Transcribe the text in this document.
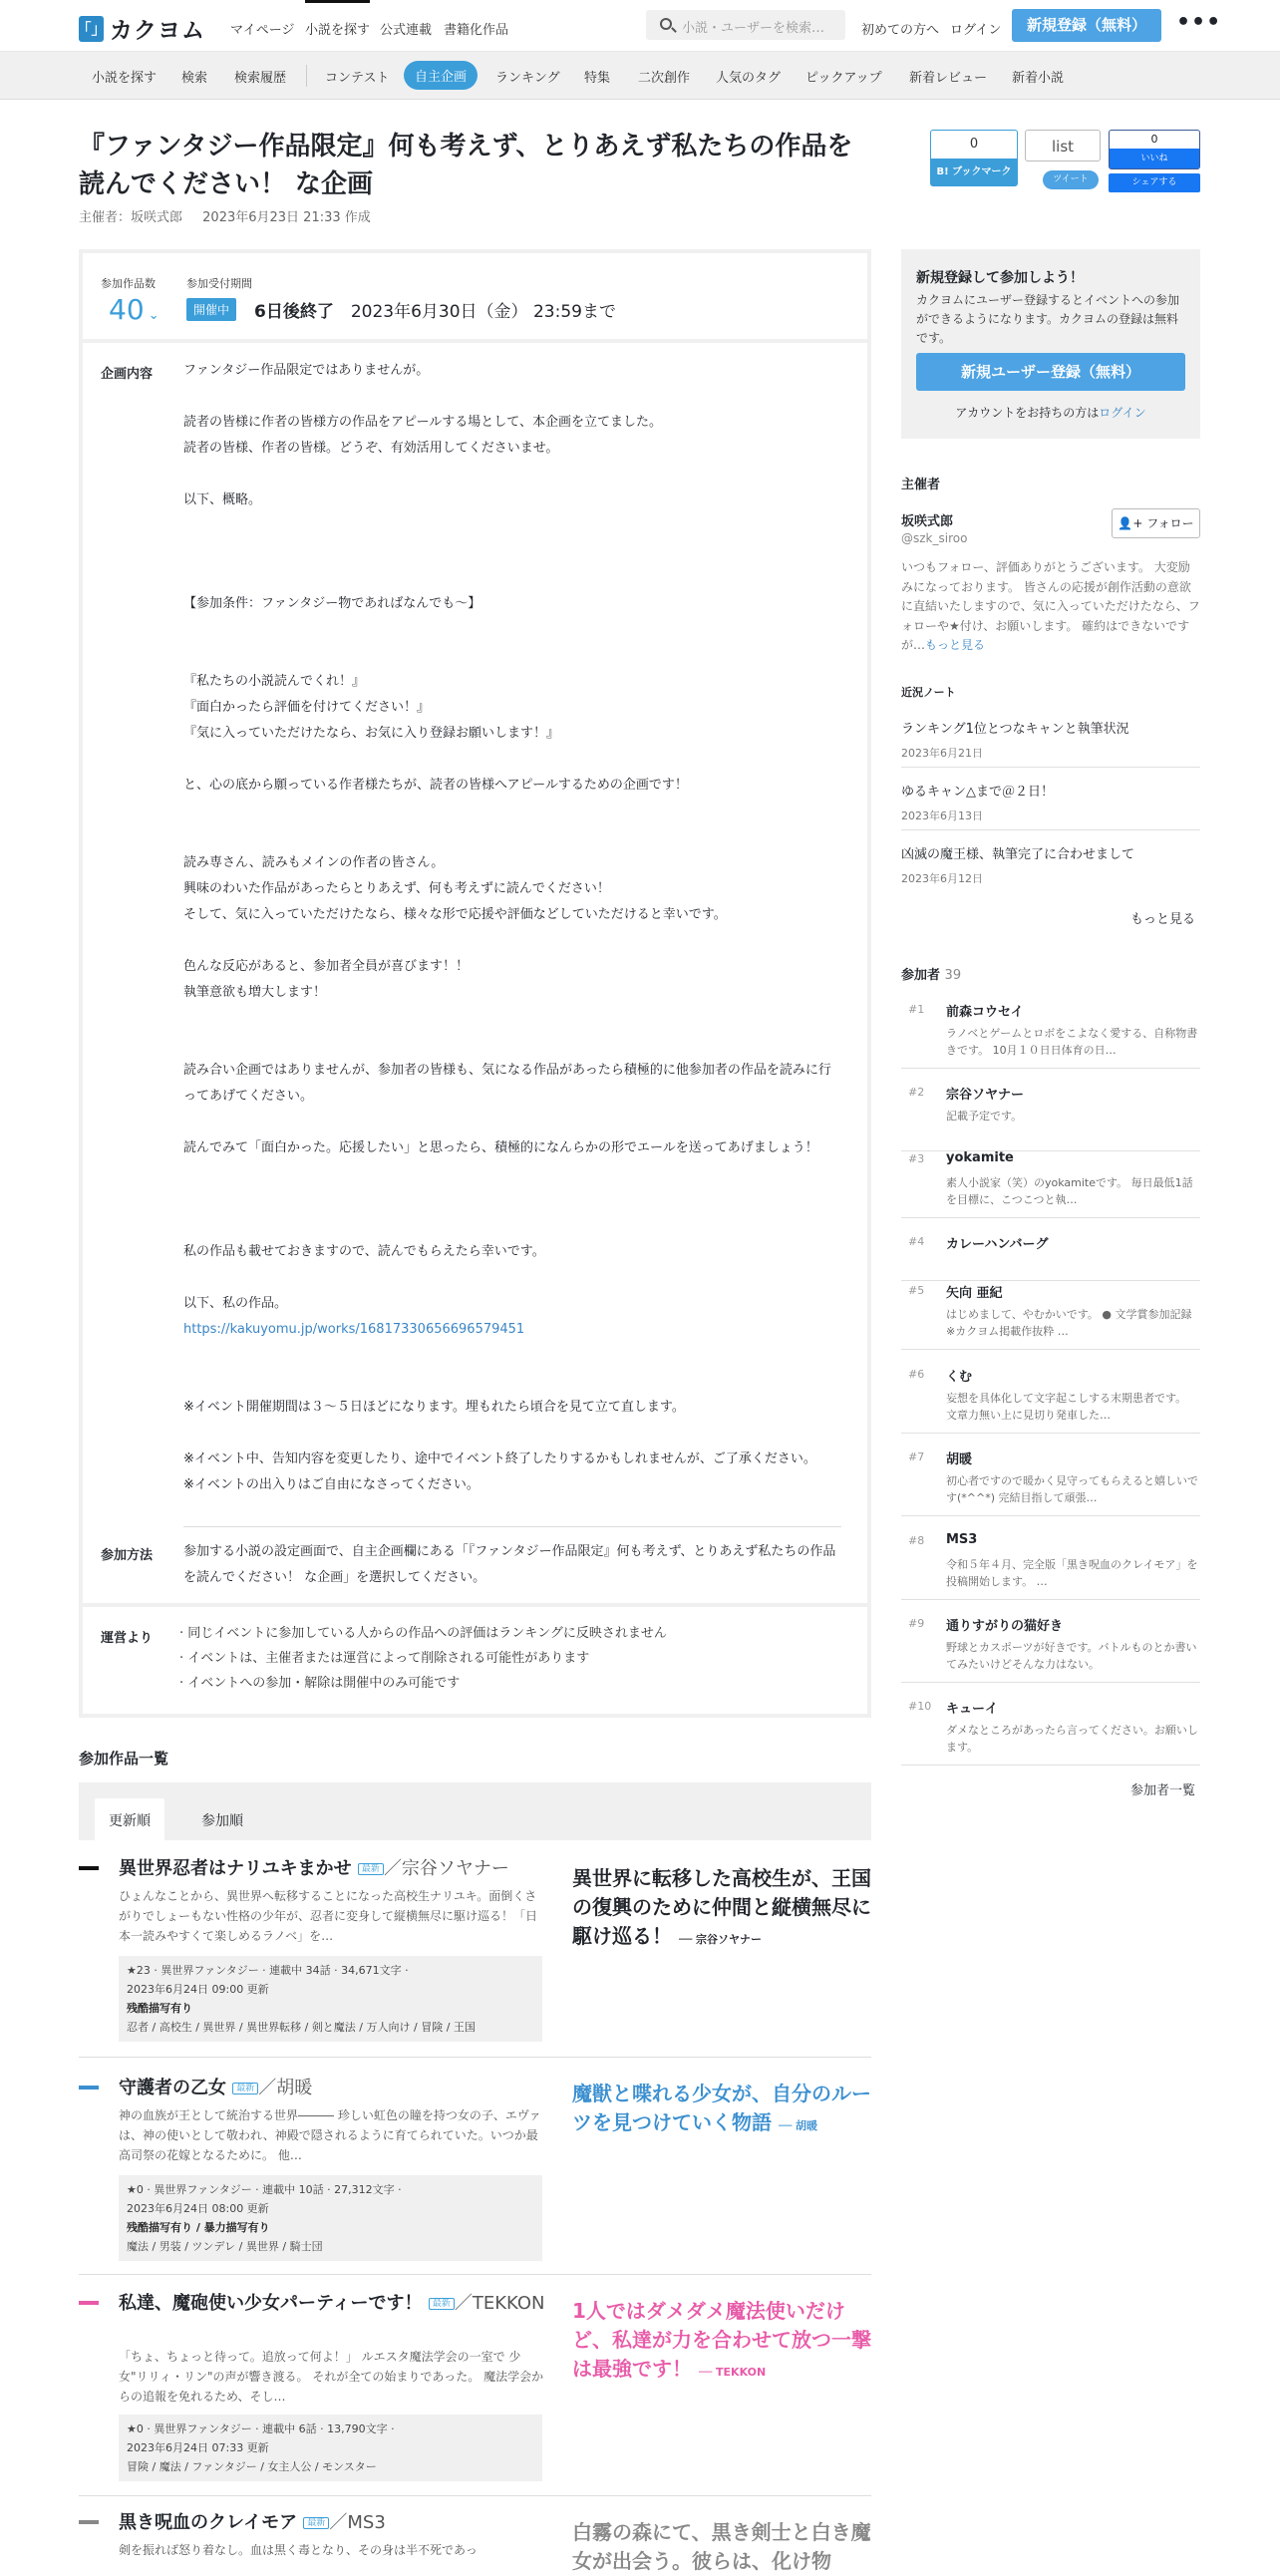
「」 カクヨム マイページ 小説を探す 公式連載 書籍化作品	小説・ユーザーを検索…	初めての方へ ログイン	新規登録（無料）	•••
小説を探す 検索 検索履歴	コンテスト	自主企画	ランキング 特集 二次創作 人気のタグ ピックアップ 新着レビュー 新着小説
『ファンタジー作品限定』何も考えず、とりあえず私たちの作品を読んでください！ な企画
主催者：坂咲式郎 2023年6月23日 21:33 作成
0
B! ブックマーク
list
ツイート
0
いいね
シェアする
参加作品数
40 ⌄
参加受付期間
開催中	6日後終了　 2023年6月30日（金） 23:59まで
企画内容 ファンタジー作品限定ではありませんが。

読者の皆様に作者の皆様方の作品をアピールする場として、本企画を立てました。
読者の皆様、作者の皆様。どうぞ、有効活用してくださいませ。

以下、概略。

【参加条件：ファンタジー物であればなんでも〜】

『私たちの小説読んでくれ！』
『面白かったら評価を付けてください！』
『気に入っていただけたなら、お気に入り登録お願いします！』

と、心の底から願っている作者様たちが、読者の皆様へアピールするための企画です！

読み専さん、読みもメインの作者の皆さん。
興味のわいた作品があったらとりあえず、何も考えずに読んでください！
そして、気に入っていただけたなら、様々な形で応援や評価などしていただけると幸いです。

色んな反応があると、参加者全員が喜びます！！
執筆意欲も増大します！

読み合い企画ではありませんが、参加者の皆様も、気になる作品があったら積極的に他参加者の作品を読みに行ってあげてください。

読んでみて「面白かった。応援したい」と思ったら、積極的になんらかの形でエールを送ってあげましょう！

私の作品も載せておきますので、読んでもらえたら幸いです。

以下、私の作品。
https://kakuyomu.jp/works/16817330656696579451

※イベント開催期間は３〜５日ほどになります。埋もれたら頃合を見て立て直します。

※イベント中、告知内容を変更したり、途中でイベント終了したりするかもしれませんが、ご了承ください。
※イベントの出入りはご自由になさってください。
参加方法 参加する小説の設定画面で、自主企画欄にある「『ファンタジー作品限定』何も考えず、とりあえず私たちの作品を読んでください！ な企画」を選択してください。
運営より · 同じイベントに参加している人からの作品への評価はランキングに反映されません
· イベントは、主催者または運営によって削除される可能性があります
· イベントへの参加・解除は開催中のみ可能です
参加作品一覧
更新順	参加順
異世界忍者はナリユキまかせ 最新 ／宗谷ソヤナー
ひょんなことから、異世界へ転移することになった高校生ナリユキ。面倒くさがりでしょーもない性格の少年が、忍者に変身して縦横無尽に駆け巡る！「日本一読みやすくて楽しめるラノベ」を…
★23 · 異世界ファンタジー · 連載中 34話 · 34,671文字 ·
2023年6月24日 09:00 更新
残酷描写有り
忍者 / 高校生 / 異世界 / 異世界転移 / 剣と魔法 / 万人向け / 冒険 / 王国
異世界に転移した高校生が、王国の復興のために仲間と縦横無尽に駆け巡る！ ── 宗谷ソヤナー
守護者の乙女 最新 ／胡暖
神の血族が王として統治する世界――― 珍しい虹色の瞳を持つ女の子、エヴァは、神の使いとして敬われ、神殿で隠されるように育てられていた。いつか最高司祭の花嫁となるために。 他…
★0 · 異世界ファンタジー · 連載中 10話 · 27,312文字 ·
2023年6月24日 08:00 更新
残酷描写有り / 暴力描写有り
魔法 / 男装 / ツンデレ / 異世界 / 騎士団
魔獣と喋れる少女が、自分のルーツを見つけていく物語 ── 胡暖
私達、魔砲使い少女パーティーです！ 最新 ／TEKKON
「ちょ、ちょっと待って。追放って何よ！」 ルエスタ魔法学会の一室で 少女"リリィ・リン"の声が響き渡る。 それが全ての始まりであった。 魔法学会からの追報を免れるため、そし…
★0 · 異世界ファンタジー · 連載中 6話 · 13,790文字 ·
2023年6月24日 07:33 更新
冒険 / 魔法 / ファンタジー / 女主人公 / モンスター
1人ではダメダメ魔法使いだけど、私達が力を合わせて放つ一撃は最強です！ ── TEKKON
黒き呪血のクレイモア 最新 ／MS3
剣を振れば怒り着なし。血は黒く毒となり、その身は半不死であっ
白霧の森にて、黒き剣士と白き魔女が出会う。彼らは、化け物
新規登録して参加しよう！
カクヨムにユーザー登録するとイベントへの参加ができるようになります。カクヨムの登録は無料です。
新規ユーザー登録（無料）
アカウントをお持ちの方はログイン
主催者
坂咲式郎
@szk_siroo
👤+ フォロー
いつもフォロー、評価ありがとうございます。 大変励みになっております。 皆さんの応援が創作活動の意欲に直結いたしますので、気に入っていただけたなら、フォローや★付け、お願いします。 確約はできないですが…もっと見る
近況ノート
ランキング1位とつなキャンと執筆状況
2023年6月21日
ゆるキャン△まで＠２日！
2023年6月13日
凶滅の魔王様、執筆完了に合わせまして
2023年6月12日
もっと見る
参加者 39
#1 前森コウセイ
ラノベとゲームとロボをこよなく愛する、自称物書きです。 10月１０日日体育の日…
#2 宗谷ソヤナー
記載予定です。
#3 yokamite
素人小説家（笑）のyokamiteです。 毎日最低1話を目標に、こつこつと執…
#4 カレーハンバーグ
#5 矢向 亜紀
はじめまして、やむかいです。 ● 文学賞参加記録　※カクヨム掲載作抜粋 …
#6 くむ
妄想を具体化して文字起こしする末期患者です。 文章力無い上に見切り発車した…
#7 胡暖
初心者ですので暖かく見守ってもらえると嬉しいです(*^^*) 完結目指して頑張…
#8 MS3
令和５年４月、完全版「黒き呪血のクレイモア」を投稿開始します。 …
#9 通りすがりの猫好き
野球とカスポーツが好きです。バトルものとか書いてみたいけどそんな力はない。
#10 キューイ
ダメなところがあったら言ってください。お願いします。
参加者一覧
